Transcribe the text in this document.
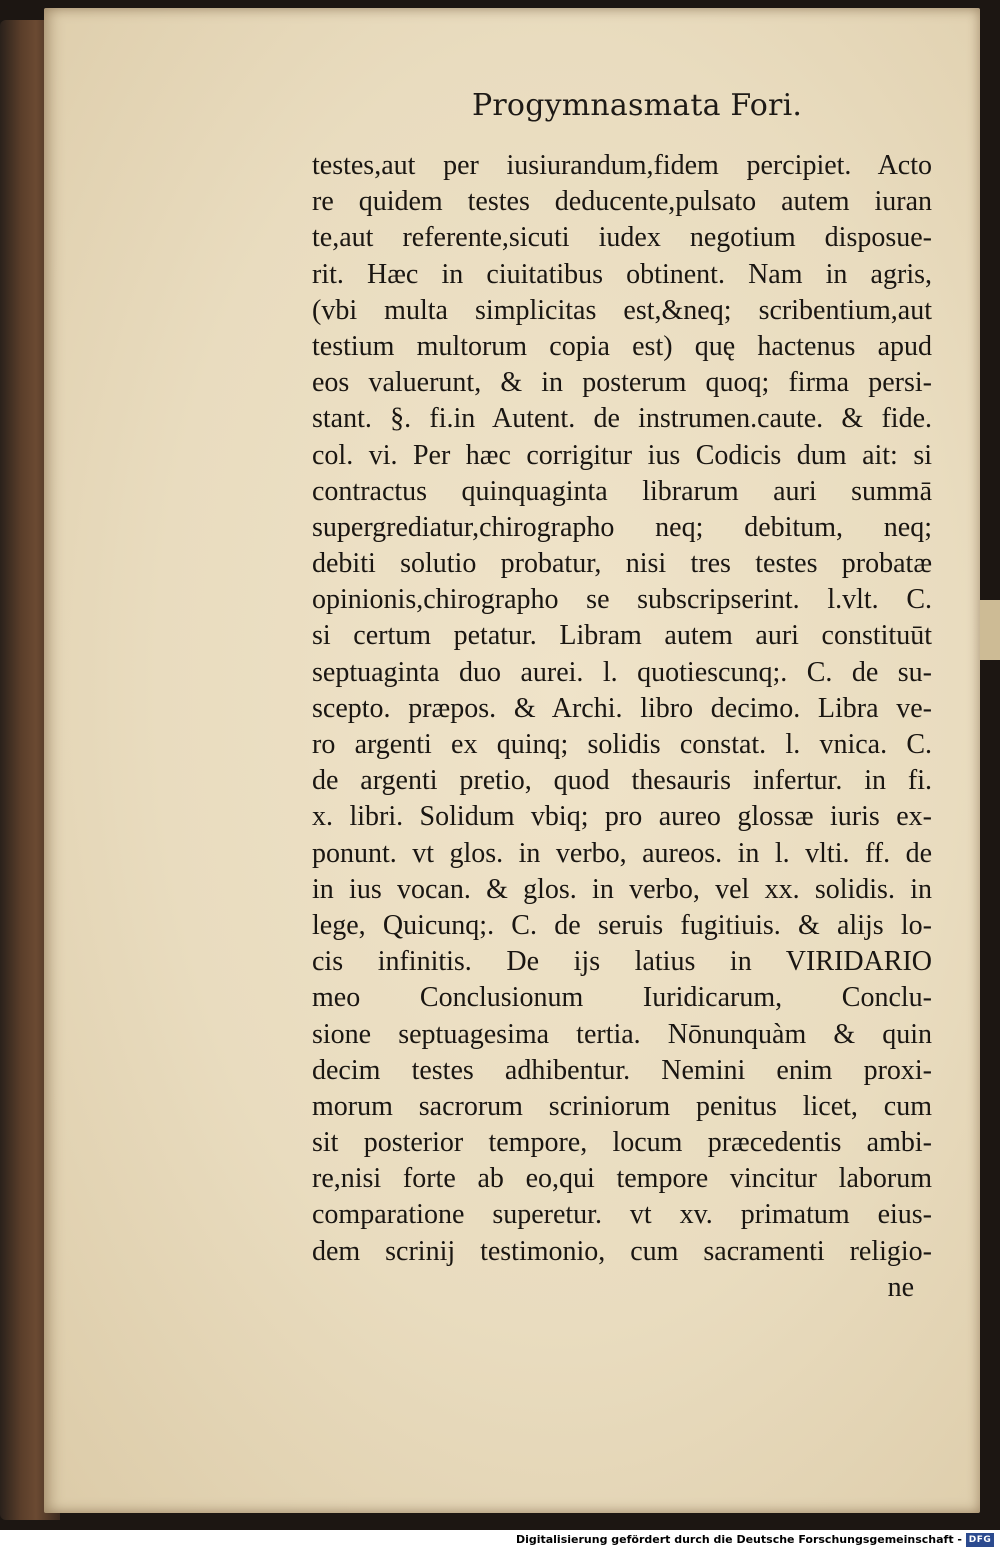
Progymnasmata Fori.
testes,aut per iusiurandum,fidem percipiet. Acto
re quidem testes deducente,pulsato autem iuran
te,aut referente,sicuti iudex negotium disposue-
rit. Hæc in ciuitatibus obtinent. Nam in agris,
(vbi multa simplicitas est,&neq; scribentium,aut
testium multorum copia est) quę hactenus apud
eos valuerunt, & in posterum quoq; firma persi-
stant. §. fi.in Autent. de instrumen.caute. & fide.
col. vi. Per hæc corrigitur ius Codicis dum ait: si
contractus quinquaginta librarum auri summā
supergrediatur,chirographo neq; debitum, neq;
debiti solutio probatur, nisi tres testes probatæ
opinionis,chirographo se subscripserint. l.vlt. C.
si certum petatur. Libram autem auri constituūt
septuaginta duo aurei. l. quotiescunq;. C. de su-
scepto. præpos. & Archi. libro decimo. Libra ve-
ro argenti ex quinq; solidis constat. l. vnica. C.
de argenti pretio, quod thesauris infertur. in fi.
x. libri. Solidum vbiq; pro aureo glossæ iuris ex-
ponunt. vt glos. in verbo, aureos. in l. vlti. ff. de
in ius vocan. & glos. in verbo, vel xx. solidis. in
lege, Quicunq;. C. de seruis fugitiuis. & alijs lo-
cis infinitis. De ijs latius in VIRIDARIO
meo Conclusionum Iuridicarum, Conclu-
sione septuagesima tertia. Nōnunquàm & quin
decim testes adhibentur. Nemini enim proxi-
morum sacrorum scriniorum penitus licet, cum
sit posterior tempore, locum præcedentis ambi-
re,nisi forte ab eo,qui tempore vincitur laborum
comparatione superetur. vt xv. primatum eius-
dem scrinij testimonio, cum sacramenti religio-
ne
Digitalisierung gefördert durch die Deutsche Forschungsgemeinschaft - DFG
